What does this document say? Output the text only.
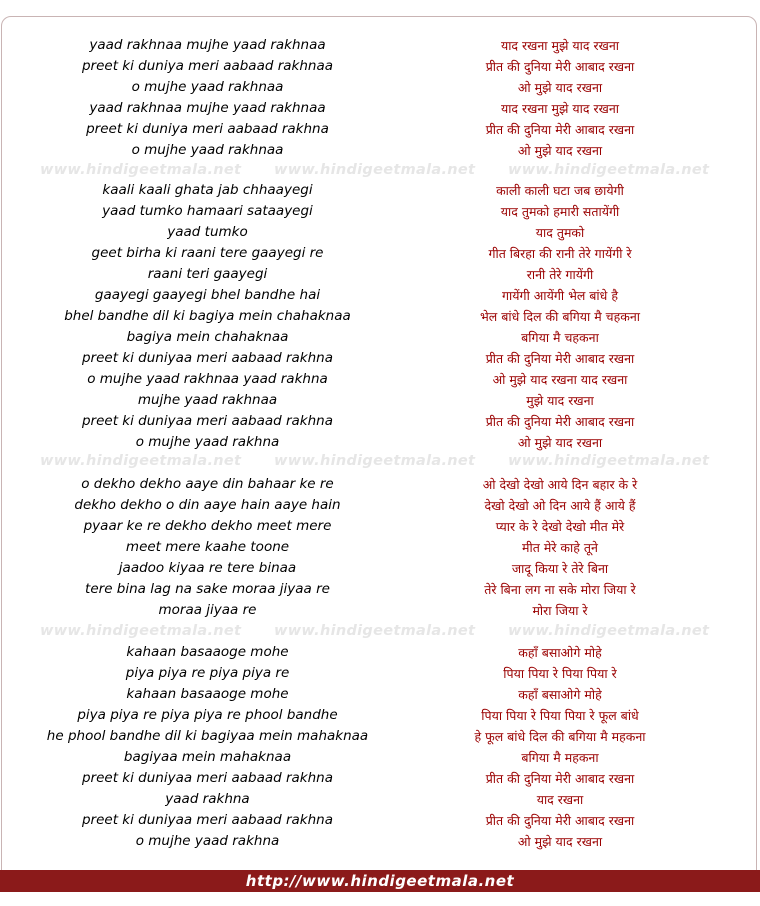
yaad rakhnaa mujhe yaad rakhnaa	याद रखना मुझे याद रखना
preet ki duniya meri aabaad rakhnaa	प्रीत की दुनिया मेरी आबाद रखना
o mujhe yaad rakhnaa	ओ मुझे याद रखना
yaad rakhnaa mujhe yaad rakhnaa	याद रखना मुझे याद रखना
preet ki duniya meri aabaad rakhna	प्रीत की दुनिया मेरी आबाद रखना
o mujhe yaad rakhnaa	ओ मुझे याद रखना
kaali kaali ghata jab chhaayegi	काली काली घटा जब छायेगी
yaad tumko hamaari sataayegi	याद तुमको हमारी सतायेंगी
yaad tumko	याद तुमको
geet birha ki raani tere gaayegi re	गीत बिरहा की रानी तेरे गायेंगी रे
raani teri gaayegi	रानी तेरे गायेंगी
gaayegi gaayegi bhel bandhe hai	गायेंगी आयेंगी भेल बांधे है
bhel bandhe dil ki bagiya mein chahaknaa	भेल बांधे दिल की बगिया मै चहकना
bagiya mein chahaknaa	बगिया मै चहकना
preet ki duniyaa meri aabaad rakhna	प्रीत की दुनिया मेरी आबाद रखना
o mujhe yaad rakhnaa yaad rakhna	ओ मुझे याद रखना याद रखना
mujhe yaad rakhnaa	मुझे याद रखना
preet ki duniyaa meri aabaad rakhna	प्रीत की दुनिया मेरी आबाद रखना
o mujhe yaad rakhna	ओ मुझे याद रखना
o dekho dekho aaye din bahaar ke re	ओ देखो देखो आये दिन बहार के रे
dekho dekho o din aaye hain aaye hain	देखो देखो ओ दिन आये हैं आये हैं
pyaar ke re dekho dekho meet mere	प्यार के रे देखो देखो मीत मेरे
meet mere kaahe toone	मीत मेरे काहे तूने
jaadoo kiyaa re tere binaa	जादू किया रे तेरे बिना
tere bina lag na sake moraa jiyaa re	तेरे बिना लग ना सके मोरा जिया रे
moraa jiyaa re	मोरा जिया रे
kahaan basaaoge mohe	कहाँ बसाओगे मोहे
piya piya re piya piya re	पिया पिया रे पिया पिया रे
kahaan basaaoge mohe	कहाँ बसाओगे मोहे
piya piya re piya piya re phool bandhe	पिया पिया रे पिया पिया रे फूल बांधे
he phool bandhe dil ki bagiyaa mein mahaknaa	हे फूल बांधे दिल की बगिया मै महकना
bagiyaa mein mahaknaa	बगिया मै महकना
preet ki duniyaa meri aabaad rakhna	प्रीत की दुनिया मेरी आबाद रखना
yaad rakhna	याद रखना
preet ki duniyaa meri aabaad rakhna	प्रीत की दुनिया मेरी आबाद रखना
o mujhe yaad rakhna	ओ मुझे याद रखना
www.hindigeetmala.net www.hindigeetmala.net www.hindigeetmala.net
www.hindigeetmala.net www.hindigeetmala.net www.hindigeetmala.net
www.hindigeetmala.net www.hindigeetmala.net www.hindigeetmala.net
http://www.hindigeetmala.net
